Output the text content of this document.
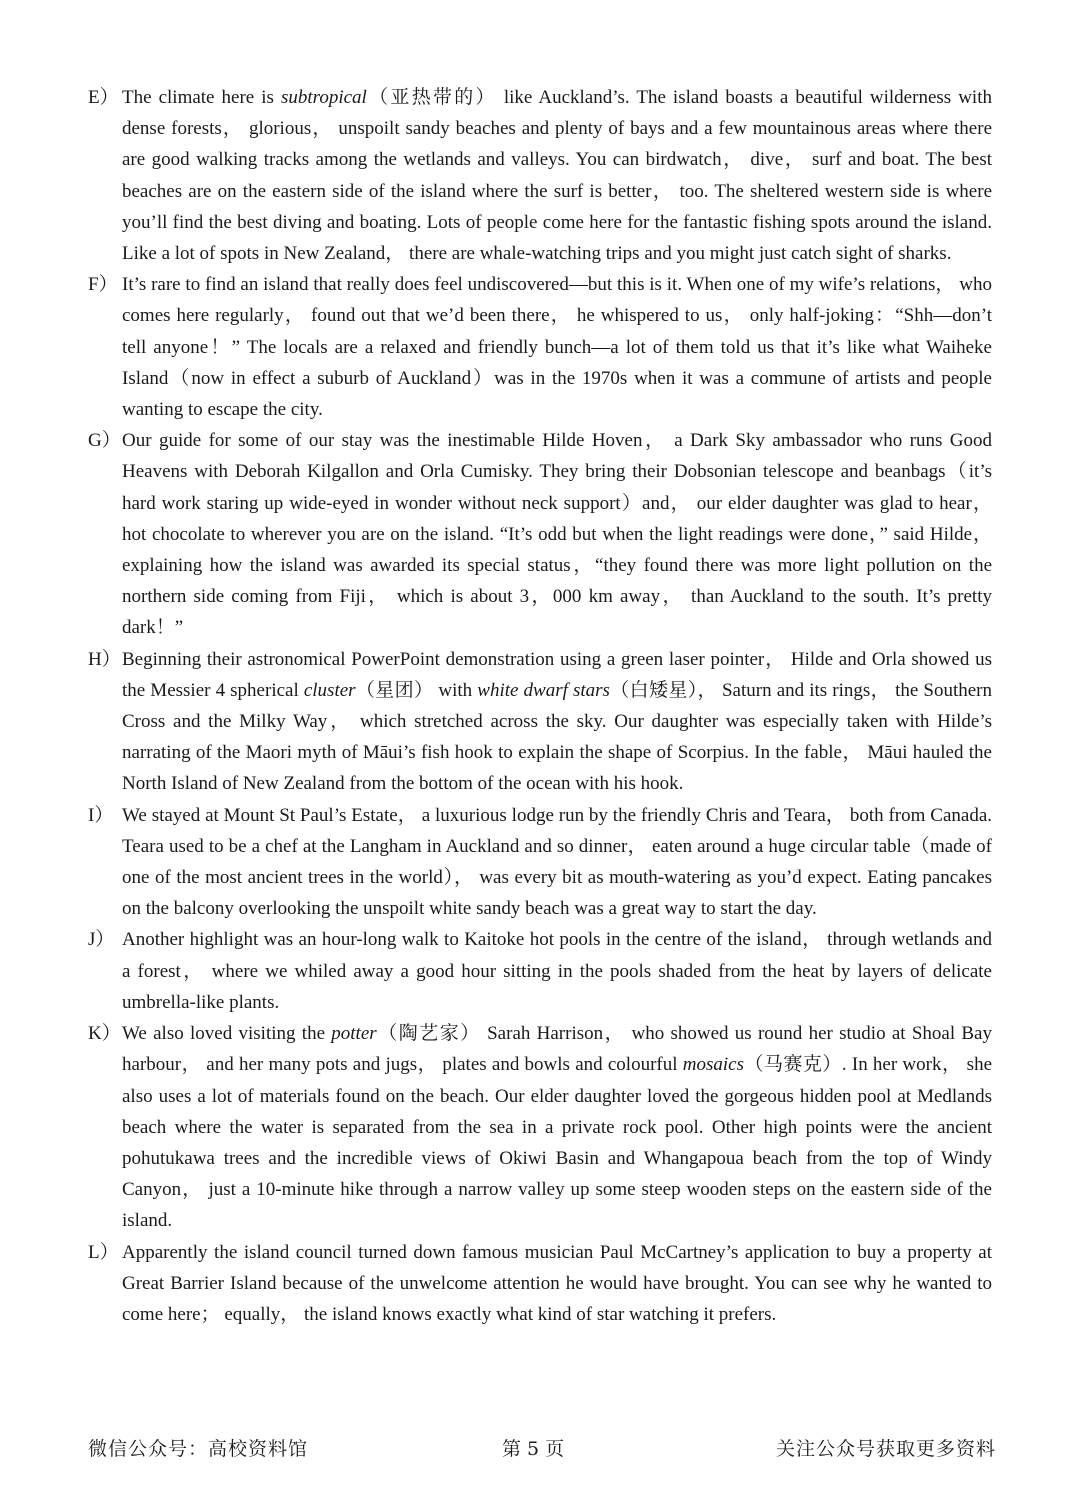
E） The climate here is subtropical（亚热带的） like Auckland’s. The island boasts a beautiful wilderness with dense forests， glorious， unspoilt sandy beaches and plenty of bays and a few mountainous areas where there are good walking tracks among the wetlands and valleys. You can birdwatch， dive， surf and boat. The best beaches are on the eastern side of the island where the surf is better， too. The sheltered western side is where you’ll find the best diving and boating. Lots of people come here for the fantastic fishing spots around the island. Like a lot of spots in New Zealand， there are whale-watching trips and you might just catch sight of sharks.

F） It’s rare to find an island that really does feel undiscovered—but this is it. When one of my wife’s relations， who comes here regularly， found out that we’d been there， he whispered to us， only half-joking：“Shh—don’t tell anyone！” The locals are a relaxed and friendly bunch—a lot of them told us that it’s like what Waiheke Island（now in effect a suburb of Auckland）was in the 1970s when it was a commune of artists and people wanting to escape the city.

G） Our guide for some of our stay was the inestimable Hilde Hoven， a Dark Sky ambassador who runs Good Heavens with Deborah Kilgallon and Orla Cumisky. They bring their Dobsonian telescope and beanbags（it’s hard work staring up wide-eyed in wonder without neck support）and， our elder daughter was glad to hear， hot chocolate to wherever you are on the island. “It’s odd but when the light readings were done，” said Hilde， explaining how the island was awarded its special status，“they found there was more light pollution on the northern side coming from Fiji， which is about 3，000 km away， than Auckland to the south. It’s pretty dark！”

H） Beginning their astronomical PowerPoint demonstration using a green laser pointer， Hilde and Orla showed us the Messier 4 spherical cluster（星团） with white dwarf stars（白矮星）， Saturn and its rings， the Southern Cross and the Milky Way， which stretched across the sky. Our daughter was especially taken with Hilde’s narrating of the Maori myth of Māui’s fish hook to explain the shape of Scorpius. In the fable， Māui hauled the North Island of New Zealand from the bottom of the ocean with his hook.

I） We stayed at Mount St Paul’s Estate， a luxurious lodge run by the friendly Chris and Teara， both from Canada. Teara used to be a chef at the Langham in Auckland and so dinner， eaten around a huge circular table（made of one of the most ancient trees in the world）， was every bit as mouth-watering as you’d expect. Eating pancakes on the balcony overlooking the unspoilt white sandy beach was a great way to start the day.

J） Another highlight was an hour-long walk to Kaitoke hot pools in the centre of the island， through wetlands and a forest， where we whiled away a good hour sitting in the pools shaded from the heat by layers of delicate umbrella-like plants.

K） We also loved visiting the potter（陶艺家） Sarah Harrison， who showed us round her studio at Shoal Bay harbour， and her many pots and jugs， plates and bowls and colourful mosaics（马赛克）. In her work， she also uses a lot of materials found on the beach. Our elder daughter loved the gorgeous hidden pool at Medlands beach where the water is separated from the sea in a private rock pool. Other high points were the ancient pohutukawa trees and the incredible views of Okiwi Basin and Whangapoua beach from the top of Windy Canyon， just a 10-minute hike through a narrow valley up some steep wooden steps on the eastern side of the island.

L） Apparently the island council turned down famous musician Paul McCartney’s application to buy a property at Great Barrier Island because of the unwelcome attention he would have brought. You can see why he wanted to come here； equally， the island knows exactly what kind of star watching it prefers.

微信公众号：高校资料馆	第 5 页	关注公众号获取更多资料
